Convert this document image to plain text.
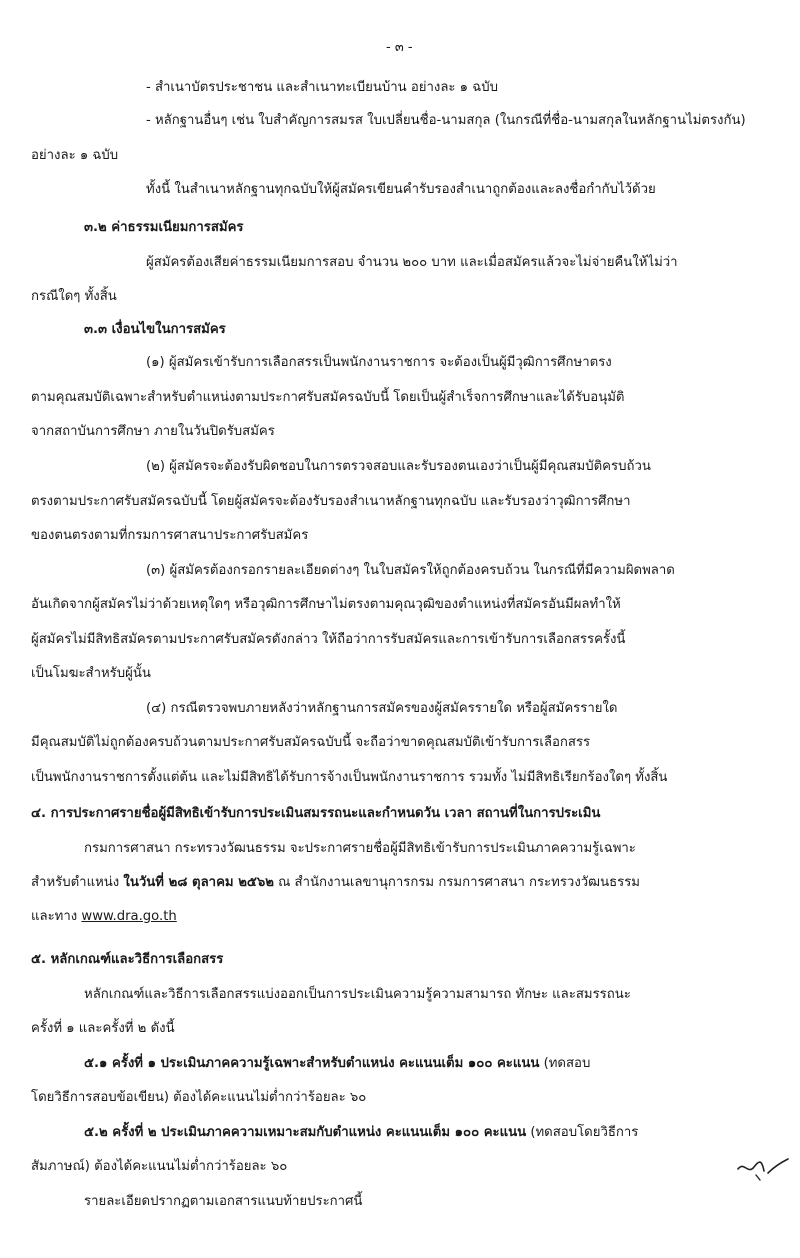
- ๓ -
- สำเนาบัตรประชาชน และสำเนาทะเบียนบ้าน อย่างละ ๑ ฉบับ
- หลักฐานอื่นๆ เช่น ใบสำคัญการสมรส ใบเปลี่ยนชื่อ-นามสกุล (ในกรณีที่ชื่อ-นามสกุลในหลักฐานไม่ตรงกัน)
อย่างละ ๑ ฉบับ
ทั้งนี้ ในสำเนาหลักฐานทุกฉบับให้ผู้สมัครเขียนคำรับรองสำเนาถูกต้องและลงชื่อกำกับไว้ด้วย
๓.๒ ค่าธรรมเนียมการสมัคร
ผู้สมัครต้องเสียค่าธรรมเนียมการสอบ จำนวน ๒๐๐ บาท และเมื่อสมัครแล้วจะไม่จ่ายคืนให้ไม่ว่า
กรณีใดๆ ทั้งสิ้น
๓.๓ เงื่อนไขในการสมัคร
(๑) ผู้สมัครเข้ารับการเลือกสรรเป็นพนักงานราชการ จะต้องเป็นผู้มีวุฒิการศึกษาตรง
ตามคุณสมบัติเฉพาะสำหรับตำแหน่งตามประกาศรับสมัครฉบับนี้ โดยเป็นผู้สำเร็จการศึกษาและได้รับอนุมัติ
จากสถาบันการศึกษา ภายในวันปิดรับสมัคร
(๒) ผู้สมัครจะต้องรับผิดชอบในการตรวจสอบและรับรองตนเองว่าเป็นผู้มีคุณสมบัติครบถ้วน
ตรงตามประกาศรับสมัครฉบับนี้ โดยผู้สมัครจะต้องรับรองสำเนาหลักฐานทุกฉบับ และรับรองว่าวุฒิการศึกษา
ของตนตรงตามที่กรมการศาสนาประกาศรับสมัคร
(๓) ผู้สมัครต้องกรอกรายละเอียดต่างๆ ในใบสมัครให้ถูกต้องครบถ้วน ในกรณีที่มีความผิดพลาด
อันเกิดจากผู้สมัครไม่ว่าด้วยเหตุใดๆ หรือวุฒิการศึกษาไม่ตรงตามคุณวุฒิของตำแหน่งที่สมัครอันมีผลทำให้
ผู้สมัครไม่มีสิทธิสมัครตามประกาศรับสมัครดังกล่าว ให้ถือว่าการรับสมัครและการเข้ารับการเลือกสรรครั้งนี้
เป็นโมฆะสำหรับผู้นั้น
(๔) กรณีตรวจพบภายหลังว่าหลักฐานการสมัครของผู้สมัครรายใด หรือผู้สมัครรายใด
มีคุณสมบัติไม่ถูกต้องครบถ้วนตามประกาศรับสมัครฉบับนี้ จะถือว่าขาดคุณสมบัติเข้ารับการเลือกสรร
เป็นพนักงานราชการตั้งแต่ต้น และไม่มีสิทธิได้รับการจ้างเป็นพนักงานราชการ รวมทั้ง ไม่มีสิทธิเรียกร้องใดๆ ทั้งสิ้น
๔. การประกาศรายชื่อผู้มีสิทธิเข้ารับการประเมินสมรรถนะและกำหนดวัน เวลา สถานที่ในการประเมิน
กรมการศาสนา กระทรวงวัฒนธรรม จะประกาศรายชื่อผู้มีสิทธิเข้ารับการประเมินภาคความรู้เฉพาะ
สำหรับตำแหน่ง ในวันที่ ๒๘ ตุลาคม ๒๕๖๒ ณ สำนักงานเลขานุการกรม กรมการศาสนา กระทรวงวัฒนธรรม
และทาง www.dra.go.th
๕. หลักเกณฑ์และวิธีการเลือกสรร
หลักเกณฑ์และวิธีการเลือกสรรแบ่งออกเป็นการประเมินความรู้ความสามารถ ทักษะ และสมรรถนะ
ครั้งที่ ๑ และครั้งที่ ๒ ดังนี้
๕.๑ ครั้งที่ ๑ ประเมินภาคความรู้เฉพาะสำหรับตำแหน่ง คะแนนเต็ม ๑๐๐ คะแนน (ทดสอบ
โดยวิธีการสอบข้อเขียน) ต้องได้คะแนนไม่ต่ำกว่าร้อยละ ๖๐
๕.๒ ครั้งที่ ๒ ประเมินภาคความเหมาะสมกับตำแหน่ง คะแนนเต็ม ๑๐๐ คะแนน (ทดสอบโดยวิธีการ
สัมภาษณ์) ต้องได้คะแนนไม่ต่ำกว่าร้อยละ ๖๐
รายละเอียดปรากฏตามเอกสารแนบท้ายประกาศนี้
